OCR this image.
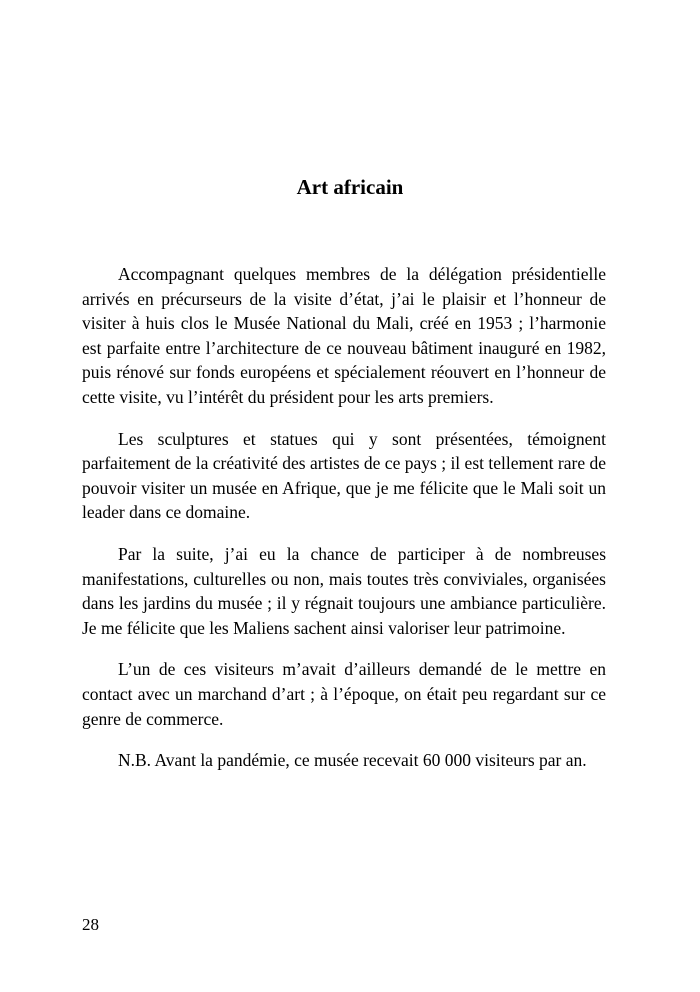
Art africain

Accompagnant quelques membres de la délégation présidentielle arrivés en précurseurs de la visite d’état, j’ai le plaisir et l’honneur de visiter à huis clos le Musée National du Mali, créé en 1953 ; l’harmonie est parfaite entre l’architecture de ce nouveau bâtiment inauguré en 1982, puis rénové sur fonds européens et spécialement réouvert en l’honneur de cette visite, vu l’intérêt du président pour les arts premiers.

Les sculptures et statues qui y sont présentées, témoignent parfaitement de la créativité des artistes de ce pays ; il est tellement rare de pouvoir visiter un musée en Afrique, que je me félicite que le Mali soit un leader dans ce domaine.

Par la suite, j’ai eu la chance de participer à de nombreuses manifestations, culturelles ou non, mais toutes très conviviales, organisées dans les jardins du musée ; il y régnait toujours une ambiance particulière. Je me félicite que les Maliens sachent ainsi valoriser leur patrimoine.

L’un de ces visiteurs m’avait d’ailleurs demandé de le mettre en contact avec un marchand d’art ; à l’époque, on était peu regardant sur ce genre de commerce.

N.B. Avant la pandémie, ce musée recevait 60 000 visiteurs par an.

28
